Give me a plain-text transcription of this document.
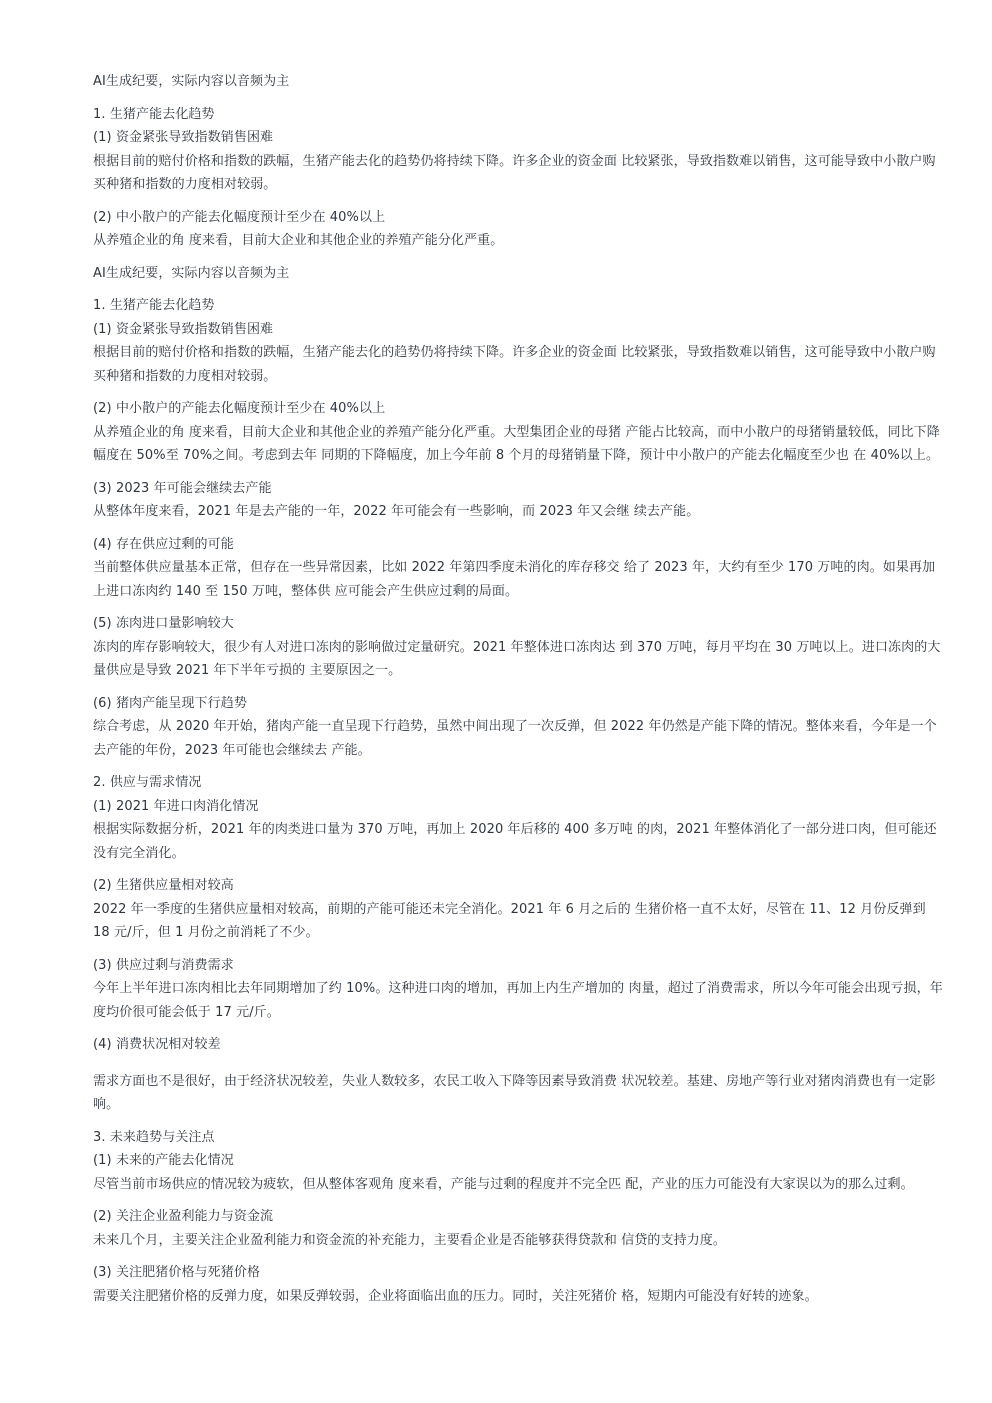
AI生成纪要，实际内容以音频为主
1. 生猪产能去化趋势
(1) 资金紧张导致指数销售困难
根据目前的赔付价格和指数的跌幅，生猪产能去化的趋势仍将持续下降。许多企业的资金面 比较紧张，导致指数难以销售，这可能导致中小散户购买种猪和指数的力度相对较弱。
(2) 中小散户的产能去化幅度预计至少在 40%以上
从养殖企业的角 度来看，目前大企业和其他企业的养殖产能分化严重。
AI生成纪要，实际内容以音频为主
1. 生猪产能去化趋势
(1) 资金紧张导致指数销售困难
根据目前的赔付价格和指数的跌幅，生猪产能去化的趋势仍将持续下降。许多企业的资金面 比较紧张，导致指数难以销售，这可能导致中小散户购买种猪和指数的力度相对较弱。
(2) 中小散户的产能去化幅度预计至少在 40%以上
从养殖企业的角 度来看，目前大企业和其他企业的养殖产能分化严重。大型集团企业的母猪 产能占比较高，而中小散户的母猪销量较低，同比下降幅度在 50%至 70%之间。考虑到去年 同期的下降幅度，加上今年前 8 个月的母猪销量下降，预计中小散户的产能去化幅度至少也 在 40%以上。
(3) 2023 年可能会继续去产能
从整体年度来看，2021 年是去产能的一年，2022 年可能会有一些影响，而 2023 年又会继 续去产能。
(4) 存在供应过剩的可能
当前整体供应量基本正常，但存在一些异常因素，比如 2022 年第四季度未消化的库存移交 给了 2023 年，大约有至少 170 万吨的肉。如果再加上进口冻肉约 140 至 150 万吨，整体供 应可能会产生供应过剩的局面。
(5) 冻肉进口量影响较大
冻肉的库存影响较大，很少有人对进口冻肉的影响做过定量研究。2021 年整体进口冻肉达 到 370 万吨，每月平均在 30 万吨以上。进口冻肉的大量供应是导致 2021 年下半年亏损的 主要原因之一。
(6) 猪肉产能呈现下行趋势
综合考虑，从 2020 年开始，猪肉产能一直呈现下行趋势，虽然中间出现了一次反弹，但 2022 年仍然是产能下降的情况。整体来看，今年是一个去产能的年份，2023 年可能也会继续去 产能。
2. 供应与需求情况
(1) 2021 年进口肉消化情况
根据实际数据分析，2021 年的肉类进口量为 370 万吨，再加上 2020 年后移的 400 多万吨 的肉，2021 年整体消化了一部分进口肉，但可能还没有完全消化。
(2) 生猪供应量相对较高
2022 年一季度的生猪供应量相对较高，前期的产能可能还未完全消化。2021 年 6 月之后的 生猪价格一直不太好，尽管在 11、12 月份反弹到 18 元/斤，但 1 月份之前消耗了不少。
(3) 供应过剩与消费需求
今年上半年进口冻肉相比去年同期增加了约 10%。这种进口肉的增加，再加上内生产增加的 肉量，超过了消费需求，所以今年可能会出现亏损，年度均价很可能会低于 17 元/斤。
(4) 消费状况相对较差
需求方面也不是很好，由于经济状况较差，失业人数较多，农民工收入下降等因素导致消费 状况较差。基建、房地产等行业对猪肉消费也有一定影响。
3. 未来趋势与关注点
(1) 未来的产能去化情况
尽管当前市场供应的情况较为疲软，但从整体客观角 度来看，产能与过剩的程度并不完全匹 配，产业的压力可能没有大家误以为的那么过剩。
(2) 关注企业盈利能力与资金流
未来几个月，主要关注企业盈利能力和资金流的补充能力，主要看企业是否能够获得贷款和 信贷的支持力度。
(3) 关注肥猪价格与死猪价格
需要关注肥猪价格的反弹力度，如果反弹较弱，企业将面临出血的压力。同时，关注死猪价 格，短期内可能没有好转的迹象。
